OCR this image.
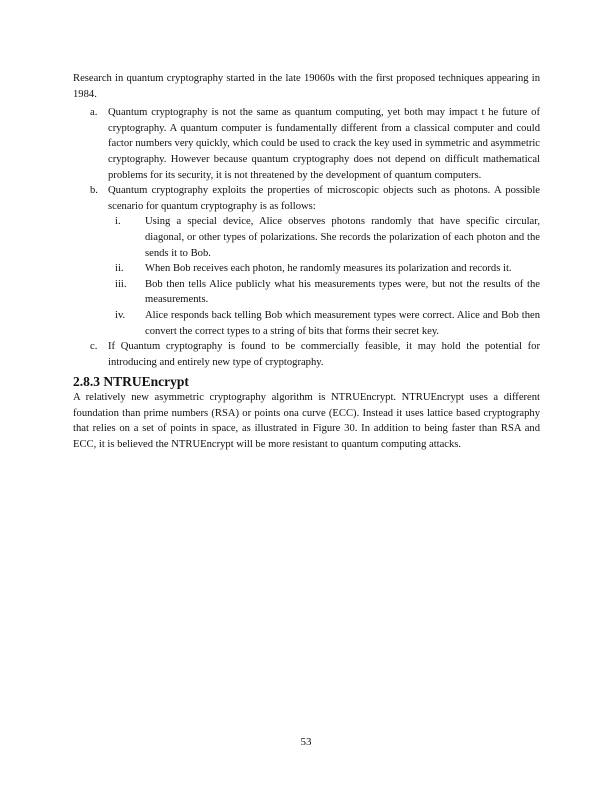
Research in quantum cryptography started in the late 19060s with the first proposed techniques appearing in 1984.

a. Quantum cryptography is not the same as quantum computing, yet both may impact t he future of cryptography. A quantum computer is fundamentally different from a classical computer and could factor numbers very quickly, which could be used to crack the key used in symmetric and asymmetric cryptography. However because quantum cryptography does not depend on difficult mathematical problems for its security, it is not threatened by the development of quantum computers.
b. Quantum cryptography exploits the properties of microscopic objects such as photons. A possible scenario for quantum cryptography is as follows:
i. Using a special device, Alice observes photons randomly that have specific circular, diagonal, or other types of polarizations. She records the polarization of each photon and the sends it to Bob.
ii. When Bob receives each photon, he randomly measures its polarization and records it.
iii. Bob then tells Alice publicly what his measurements types were, but not the results of the measurements.
iv. Alice responds back telling Bob which measurement types were correct. Alice and Bob then convert the correct types to a string of bits that forms their secret key.
c. If Quantum cryptography is found to be commercially feasible, it may hold the potential for introducing and entirely new type of cryptography.
2.8.3 NTRUEncrypt

A relatively new asymmetric cryptography algorithm is NTRUEncrypt. NTRUEncrypt uses a different foundation than prime numbers (RSA) or points ona curve (ECC). Instead it uses lattice based cryptography that relies on a set of points in space, as illustrated in Figure 30. In addition to being faster than RSA and ECC, it is believed the NTRUEncrypt will be more resistant to quantum computing attacks.

53
